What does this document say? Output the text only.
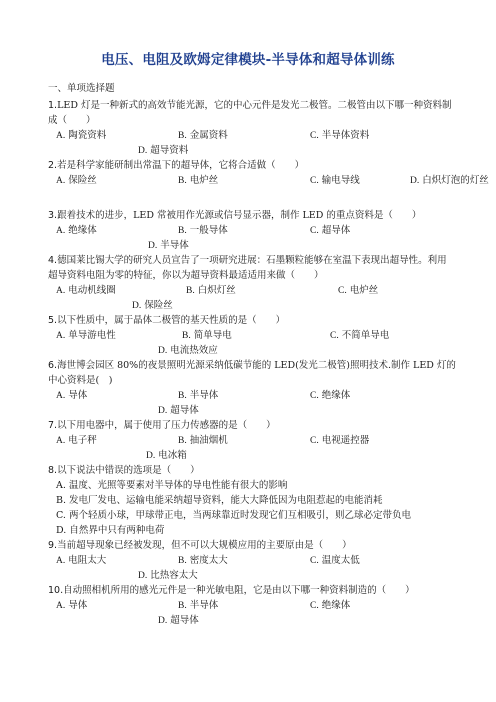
电压、电阻及欧姆定律模块-半导体和超导体训练
一、单项选择题
1.LED 灯是一种新式的高效节能光源，它的中心元件是发光二极管。二极管由以下哪一种资料制成（　　）
A. 陶瓷资料	B. 金属资料	C. 半导体资料
D. 超导资料
2.若是科学家能研制出常温下的超导体，它将合适做（　　）
A. 保险丝	B. 电炉丝	C. 输电导线	D. 白炽灯泡的灯丝
3.跟着技术的进步，LED 常被用作光源或信号显示器，制作 LED 的重点资料是（　　）
A. 绝缘体	B. 一般导体	C. 超导体
D. 半导体
4.德国莱比锡大学的研究人员宣告了一项研究进展：石墨颗粒能够在室温下表现出超导性。利用超导资料电阻为零的特征，你以为超导资料最适适用来做（　　）
A. 电动机线圈	B. 白炽灯丝	C. 电炉丝
D. 保险丝
5.以下性质中，属于晶体二极管的基天性质的是（　　）
A. 单导游电性	B. 简单导电	C. 不简单导电
D. 电流热效应
6.海世博会园区 80%的夜景照明光源采纳低碳节能的 LED(发光二极管)照明技术.制作 LED 灯的中心资料是(　)
A. 导体	B. 半导体	C. 绝缘体
D. 超导体
7.以下用电器中，属于使用了压力传感器的是（　　）
A. 电子秤	B. 抽油烟机	C. 电视遥控器
D. 电冰箱
8.以下说法中错误的选项是（　　）
A. 温度、光照等要素对半导体的导电性能有很大的影响
B. 发电厂发电、运输电能采纳超导资料，能大大降低因为电阻惹起的电能消耗
C. 两个轻质小球，甲球带正电，当两球靠近时发现它们互相吸引，则乙球必定带负电
D. 自然界中只有两种电荷
9.当前超导现象已经被发现，但不可以大规模应用的主要原由是（　　）
A. 电阻太大	B. 密度太大	C. 温度太低
D. 比热容太大
10.自动照相机所用的感光元件是一种光敏电阻，它是由以下哪一种资料制造的（　　）
A. 导体	B. 半导体	C. 绝缘体
D. 超导体
